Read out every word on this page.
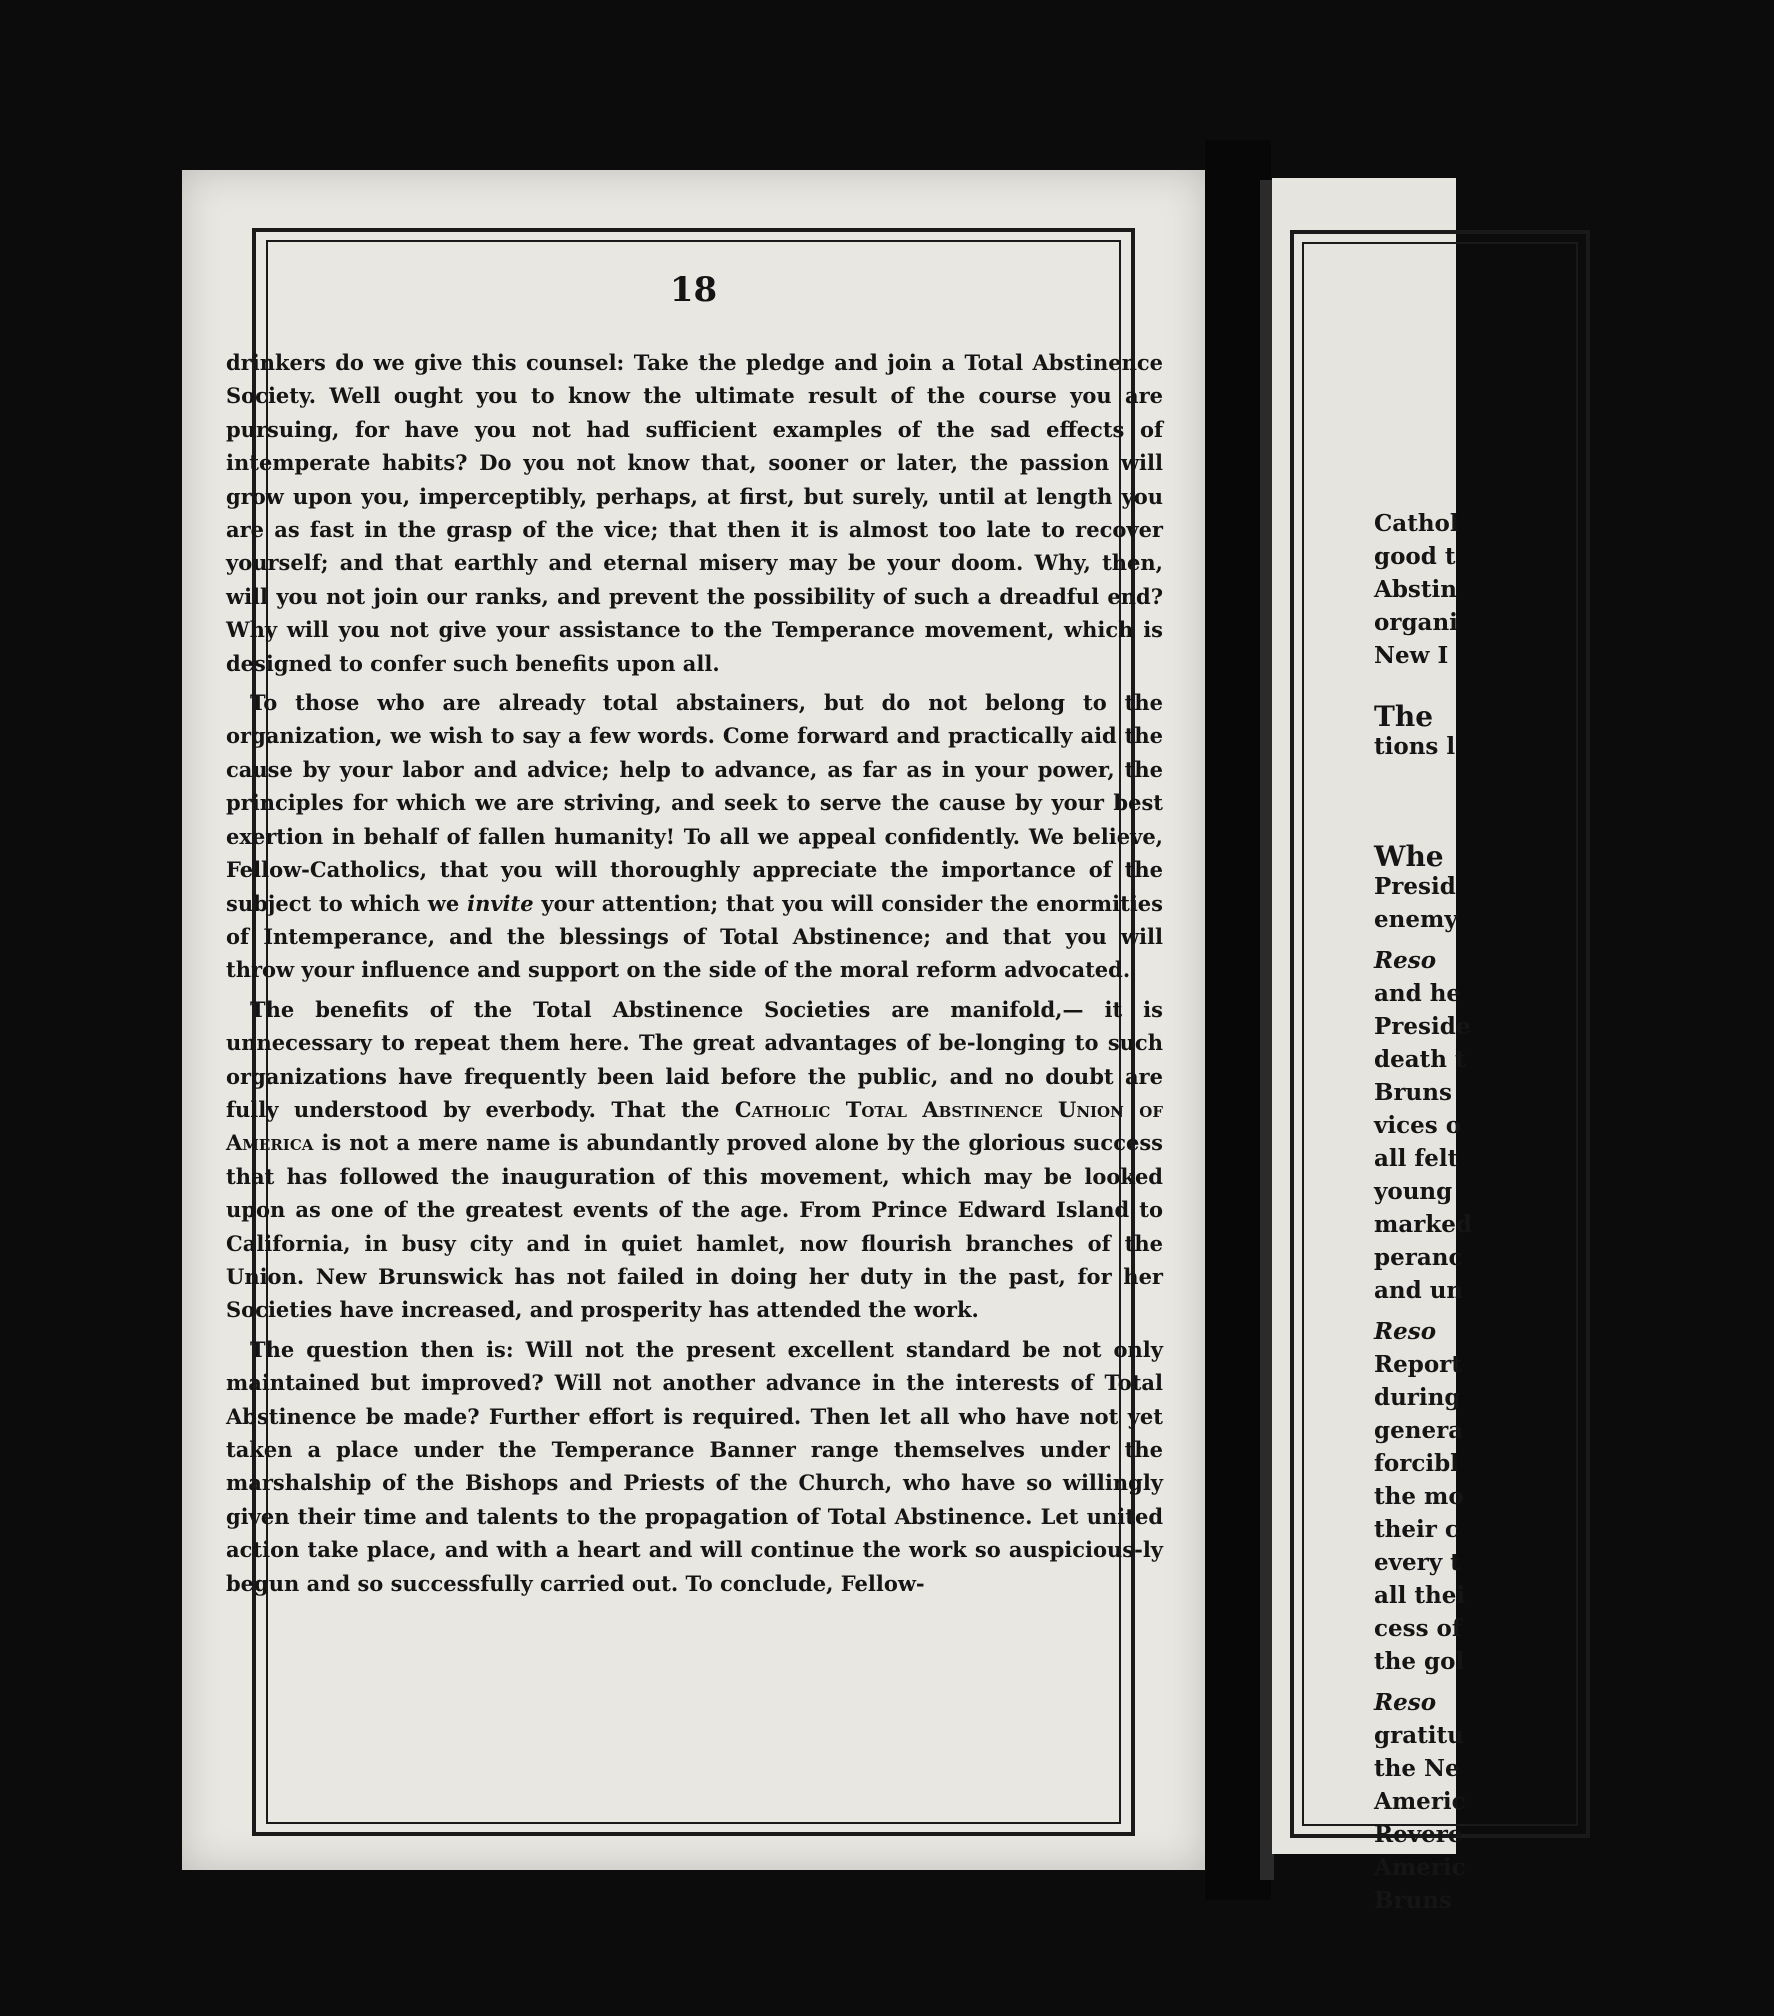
18

drinkers do we give this counsel: Take the pledge and join a Total Abstinence Society. Well ought you to know the ultimate result of the course you are pursuing, for have you not had sufficient examples of the sad effects of intemperate habits? Do you not know that, sooner or later, the passion will grow upon you, imperceptibly, perhaps, at first, but surely, until at length you are as fast in the grasp of the vice; that then it is almost too late to recover yourself; and that earthly and eternal misery may be your doom. Why, then, will you not join our ranks, and prevent the possibility of such a dreadful end? Why will you not give your assistance to the Temperance movement, which is designed to confer such benefits upon all.

To those who are already total abstainers, but do not belong to the organization, we wish to say a few words. Come forward and practically aid the cause by your labor and advice; help to advance, as far as in your power, the principles for which we are striving, and seek to serve the cause by your best exertion in behalf of fallen humanity! To all we appeal confidently. We believe, Fellow-Catholics, that you will thoroughly appreciate the importance of the subject to which we invite your attention; that you will consider the enormities of Intemperance, and the blessings of Total Abstinence; and that you will throw your influence and support on the side of the moral reform advocated.

The benefits of the Total Abstinence Societies are manifold,— it is unnecessary to repeat them here. The great advantages of be-longing to such organizations have frequently been laid before the public, and no doubt are fully understood by everbody. That the Catholic Total Abstinence Union of America is not a mere name is abundantly proved alone by the glorious success that has followed the inauguration of this movement, which may be looked upon as one of the greatest events of the age. From Prince Edward Island to California, in busy city and in quiet hamlet, now flourish branches of the Union. New Brunswick has not failed in doing her duty in the past, for her Societies have increased, and prosperity has attended the work.

The question then is: Will not the present excellent standard be not only maintained but improved? Will not another advance in the interests of Total Abstinence be made? Further effort is required. Then let all who have not yet taken a place under the Temperance Banner range themselves under the marshalship of the Bishops and Priests of the Church, who have so willingly given their time and talents to the propagation of Total Abstinence. Let united action take place, and with a heart and will continue the work so auspicious-ly begun and so successfully carried out. To conclude, Fellow-

Cathol
good t
Abstin
organi
New I
The
tions l
Whe
Presid
enemy
Reso
and he
Preside
death t
Bruns
vices o
all felt
young
marked
peranc
and un
Reso
Report
during
genera
forcibl
the mo
their c
every t
all thei
cess of
the gol
Reso
gratitu
the Ne
Americ
Revere
Americ
Bruns
